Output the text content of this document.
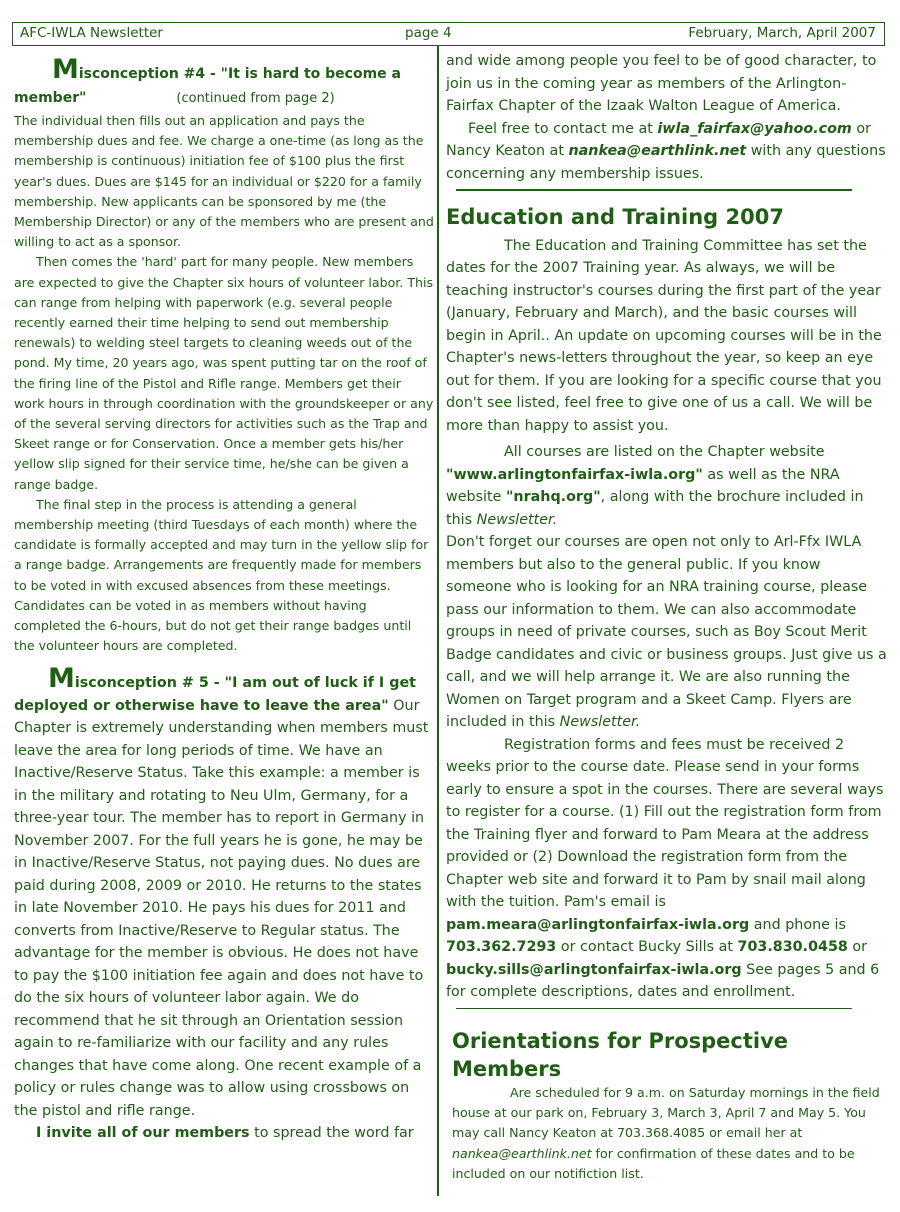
AFC-IWLA Newsletter	page 4	February, March, April 2007
Misconception #4 - "It is hard to become a
member"	(continued from page 2)

The individual then fills out an application and pays the membership dues and fee. We charge a one-time (as long as the membership is continuous) initiation fee of $100 plus the first year's dues. Dues are $145 for an individual or $220 for a family membership. New applicants can be sponsored by me (the Membership Director) or any of the members who are present and willing to act as a sponsor.

Then comes the 'hard' part for many people. New members are expected to give the Chapter six hours of volunteer labor. This can range from helping with paperwork (e.g. several people recently earned their time helping to send out membership renewals) to welding steel targets to cleaning weeds out of the pond. My time, 20 years ago, was spent putting tar on the roof of the firing line of the Pistol and Rifle range. Members get their work hours in through coordination with the groundskeeper or any of the several serving directors for activities such as the Trap and Skeet range or for Conservation. Once a member gets his/her yellow slip signed for their service time, he/she can be given a range badge.

The final step in the process is attending a general membership meeting (third Tuesdays of each month) where the candidate is formally accepted and may turn in the yellow slip for a range badge. Arrangements are frequently made for members to be voted in with excused absences from these meetings. Candidates can be voted in as members without having completed the 6-hours, but do not get their range badges until the volunteer hours are completed.

Misconception # 5 - "I am out of luck if I get deployed or otherwise have to leave the area" Our Chapter is extremely understanding when members must leave the area for long periods of time. We have an Inactive/Reserve Status. Take this example: a member is in the military and rotating to Neu Ulm, Germany, for a three-year tour. The member has to report in Germany in November 2007. For the full years he is gone, he may be in Inactive/Reserve Status, not paying dues. No dues are paid during 2008, 2009 or 2010. He returns to the states in late November 2010. He pays his dues for 2011 and converts from Inactive/Reserve to Regular status. The advantage for the member is obvious. He does not have to pay the $100 initiation fee again and does not have to do the six hours of volunteer labor again. We do recommend that he sit through an Orientation session again to re-familiarize with our facility and any rules changes that have come along. One recent example of a policy or rules change was to allow using crossbows on the pistol and rifle range.

I invite all of our members to spread the word far

and wide among people you feel to be of good character, to join us in the coming year as members of the Arlington-Fairfax Chapter of the Izaak Walton League of America.

Feel free to contact me at iwla_fairfax@yahoo.com or Nancy Keaton at nankea@earthlink.net with any questions concerning any membership issues.

Education and Training 2007

The Education and Training Committee has set the dates for the 2007 Training year. As always, we will be teaching instructor's courses during the first part of the year (January, February and March), and the basic courses will begin in April.. An update on upcoming courses will be in the Chapter's news-letters throughout the year, so keep an eye out for them. If you are looking for a specific course that you don't see listed, feel free to give one of us a call. We will be more than happy to assist you.

All courses are listed on the Chapter website "www.arlingtonfairfax-iwla.org" as well as the NRA website "nrahq.org", along with the brochure included in this Newsletter.

Don't forget our courses are open not only to Arl-Ffx IWLA members but also to the general public. If you know someone who is looking for an NRA training course, please pass our information to them. We can also accommodate groups in need of private courses, such as Boy Scout Merit Badge candidates and civic or business groups. Just give us a call, and we will help arrange it. We are also running the Women on Target program and a Skeet Camp. Flyers are included in this Newsletter.

Registration forms and fees must be received 2 weeks prior to the course date. Please send in your forms early to ensure a spot in the courses. There are several ways to register for a course. (1) Fill out the registration form from the Training flyer and forward to Pam Meara at the address provided or (2) Download the registration form from the Chapter web site and forward it to Pam by snail mail along with the tuition. Pam's email is pam.meara@arlingtonfairfax-iwla.org and phone is 703.362.7293 or contact Bucky Sills at 703.830.0458 or bucky.sills@arlingtonfairfax-iwla.org See pages 5 and 6 for complete descriptions, dates and enrollment.

Orientations for Prospective Members

Are scheduled for 9 a.m. on Saturday mornings in the field house at our park on, February 3, March 3, April 7 and May 5. You may call Nancy Keaton at 703.368.4085 or email her at nankea@earthlink.net for confirmation of these dates and to be included on our notifiction list.
